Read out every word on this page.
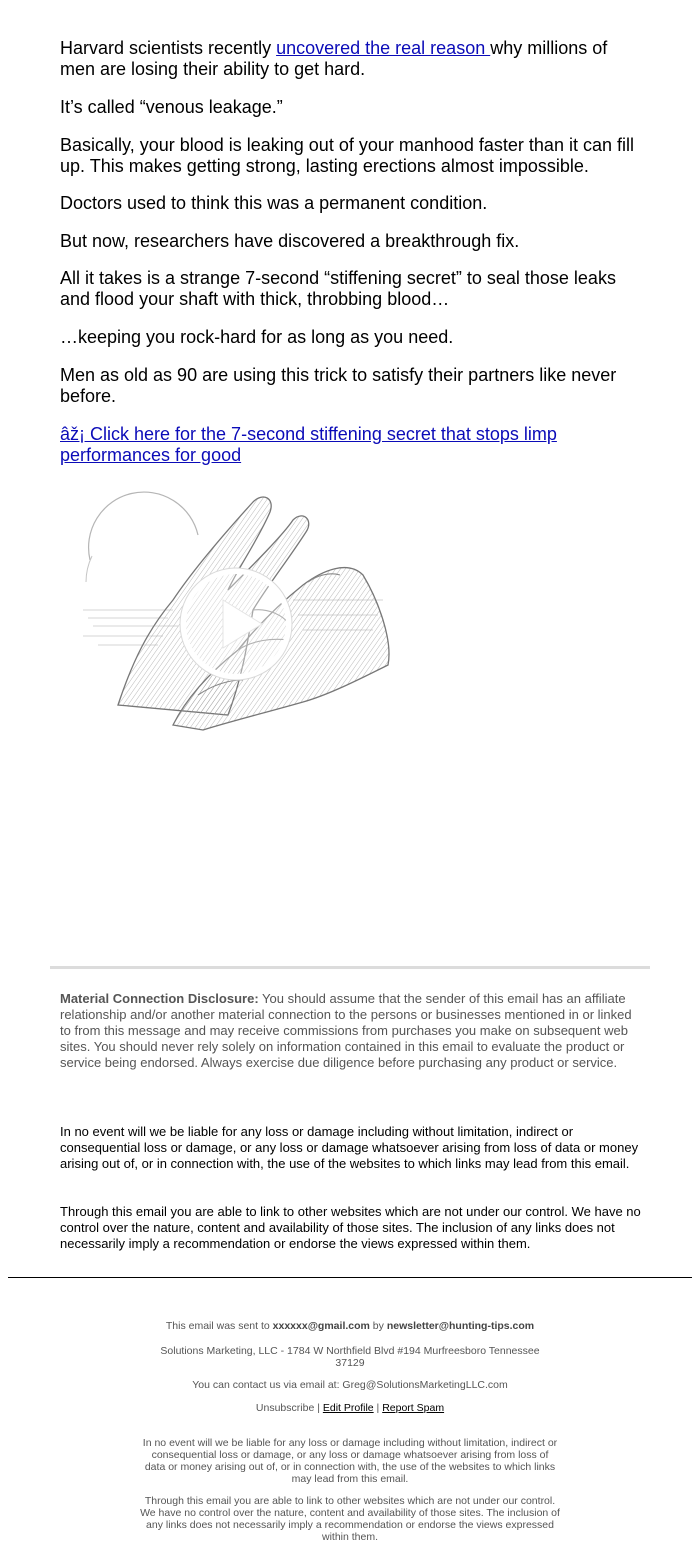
Harvard scientists recently uncovered the real reason why millions of men are losing their ability to get hard.

It’s called “venous leakage.”

Basically, your blood is leaking out of your manhood faster than it can fill up. This makes getting strong, lasting erections almost impossible.

Doctors used to think this was a permanent condition.

But now, researchers have discovered a breakthrough fix.

All it takes is a strange 7-second “stiffening secret” to seal those leaks and flood your shaft with thick, throbbing blood…

…keeping you rock-hard for as long as you need.

Men as old as 90 are using this trick to satisfy their partners like never before.

âž¡ Click here for the 7-second stiffening secret that stops limp performances for good

Material Connection Disclosure: You should assume that the sender of this email has an affiliate relationship and/or another material connection to the persons or businesses mentioned in or linked to from this message and may receive commissions from purchases you make on subsequent web sites. You should never rely solely on information contained in this email to evaluate the product or service being endorsed. Always exercise due diligence before purchasing any product or service.

In no event will we be liable for any loss or damage including without limitation, indirect or consequential loss or damage, or any loss or damage whatsoever arising from loss of data or money arising out of, or in connection with, the use of the websites to which links may lead from this email.

Through this email you are able to link to other websites which are not under our control. We have no control over the nature, content and availability of those sites. The inclusion of any links does not necessarily imply a recommendation or endorse the views expressed within them.

This email was sent to xxxxxx@gmail.com by newsletter@hunting-tips.com

Solutions Marketing, LLC - 1784 W Northfield Blvd #194 Murfreesboro Tennessee 37129

You can contact us via email at: Greg@SolutionsMarketingLLC.com

Unsubscribe | Edit Profile | Report Spam

In no event will we be liable for any loss or damage including without limitation, indirect or consequential loss or damage, or any loss or damage whatsoever arising from loss of data or money arising out of, or in connection with, the use of the websites to which links may lead from this email.

Through this email you are able to link to other websites which are not under our control. We have no control over the nature, content and availability of those sites. The inclusion of any links does not necessarily imply a recommendation or endorse the views expressed within them.
